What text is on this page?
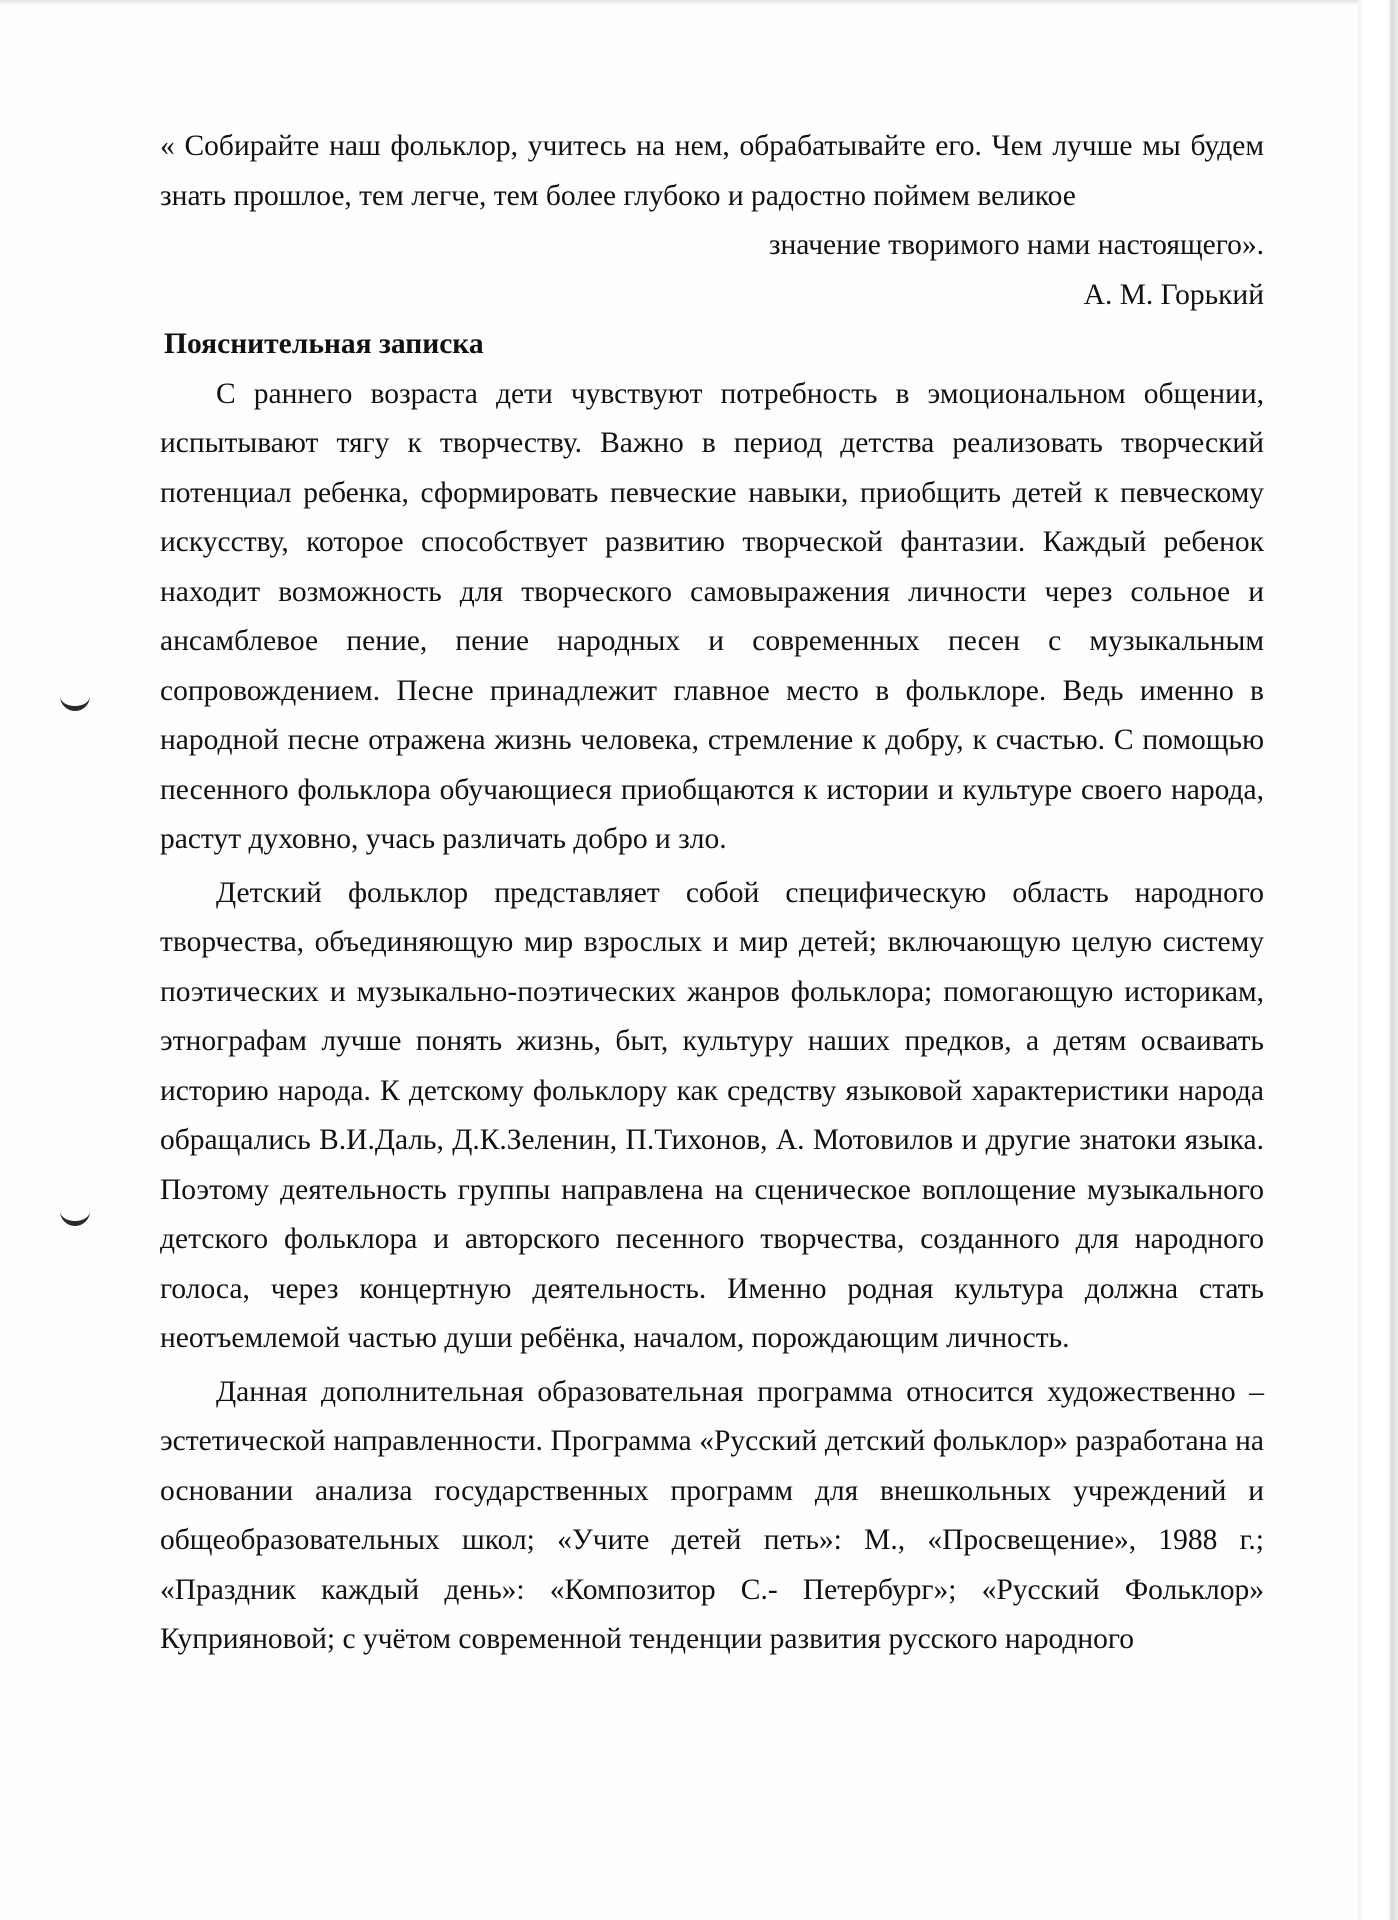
« Собирайте наш фольклор, учитесь на нем, обрабатывайте его. Чем лучше мы будем знать прошлое, тем легче, тем более глубоко и радостно поймем великое

значение творимого нами настоящего».

А. М. Горький

Пояснительная записка

С раннего возраста дети чувствуют потребность в эмоциональном общении, испытывают тягу к творчеству. Важно в период детства реализовать творческий потенциал ребенка, сформировать певческие навыки, приобщить детей к певческому искусству, которое способствует развитию творческой фантазии. Каждый ребенок находит возможность для творческого самовыражения личности через сольное и ансамблевое пение, пение народных и современных песен с музыкальным сопровождением. Песне принадлежит главное место в фольклоре. Ведь именно в народной песне отражена жизнь человека, стремление к добру, к счастью. С помощью песенного фольклора обучающиеся приобщаются к истории и культуре своего народа, растут духовно, учась различать добро и зло.

Детский фольклор представляет собой специфическую область народного творчества, объединяющую мир взрослых и мир детей; включающую целую систему поэтических и музыкально-поэтических жанров фольклора; помогающую историкам, этнографам лучше понять жизнь, быт, культуру наших предков, а детям осваивать историю народа. К детскому фольклору как средству языковой характеристики народа обращались В.И.Даль, Д.К.Зеленин, П.Тихонов, А. Мотовилов и другие знатоки языка. Поэтому деятельность группы направлена на сценическое воплощение музыкального детского фольклора и авторского песенного творчества, созданного для народного голоса, через концертную деятельность. Именно родная культура должна стать неотъемлемой частью души ребёнка, началом, порождающим личность.

Данная дополнительная образовательная программа относится художественно – эстетической направленности. Программа «Русский детский фольклор» разработана на основании анализа государственных программ для внешкольных учреждений и общеобразовательных школ; «Учите детей петь»: М., «Просвещение», 1988 г.; «Праздник каждый день»: «Композитор С.- Петербург»; «Русский Фольклор» Куприяновой; с учётом современной тенденции развития русского народного
